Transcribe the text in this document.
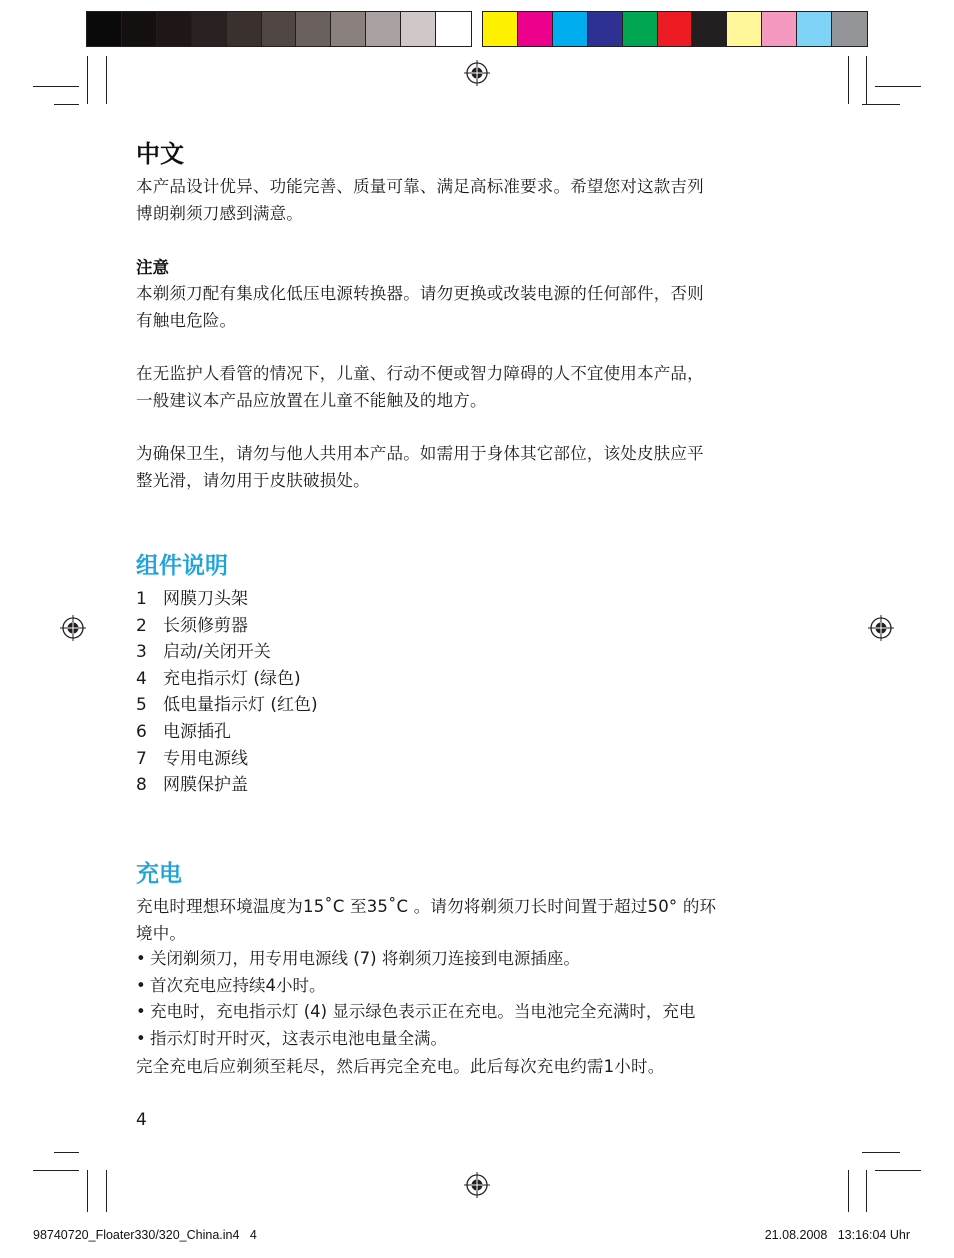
中文
本产品设计优异、功能完善、质量可靠、满足高标准要求。希望您对这款吉列
博朗剃须刀感到满意。
注意
本剃须刀配有集成化低压电源转换器。请勿更换或改装电源的任何部件，否则
有触电危险。
在无监护人看管的情况下，儿童、行动不便或智力障碍的人不宜使用本产品，
一般建议本产品应放置在儿童不能触及的地方。
为确保卫生，请勿与他人共用本产品。如需用于身体其它部位，该处皮肤应平
整光滑，请勿用于皮肤破损处。
组件说明
1 网膜刀头架
2 长须修剪器
3 启动/关闭开关
4 充电指示灯 (绿色)
5 低电量指示灯 (红色)
6 电源插孔
7 专用电源线
8 网膜保护盖
充电
充电时理想环境温度为15˚C 至35˚C 。请勿将剃须刀长时间置于超过50° 的环
境中。
• 关闭剃须刀，用专用电源线 (7) 将剃须刀连接到电源插座。
• 首次充电应持续4小时。
• 充电时，充电指示灯 (4) 显示绿色表示正在充电。当电池完全充满时，充电
• 指示灯时开时灭，这表示电池电量全满。
完全充电后应剃须至耗尽，然后再完全充电。此后每次充电约需1小时。
4
98740720_Floater330/320_China.in4   4	21.08.2008   13:16:04 Uhr
